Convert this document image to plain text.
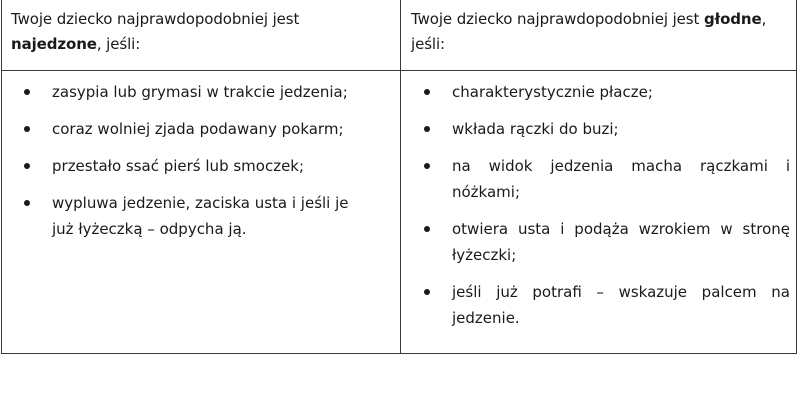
Twoje dziecko najprawdopodobniej jest najedzone, jeśli:
Twoje dziecko najprawdopodobniej jest głodne, jeśli:
zasypia lub grymasi w trakcie jedzenia;
coraz wolniej zjada podawany pokarm;
przestało ssać pierś lub smoczek;
wypluwa jedzenie, zaciska usta i jeśli je już łyżeczką – odpycha ją.
charakterystycznie płacze;
wkłada rączki do buzi;
na widok jedzenia macha rączkami i nóżkami;
otwiera usta i podąża wzrokiem w stronę łyżeczki;
jeśli już potrafi – wskazuje palcem na jedzenie.
